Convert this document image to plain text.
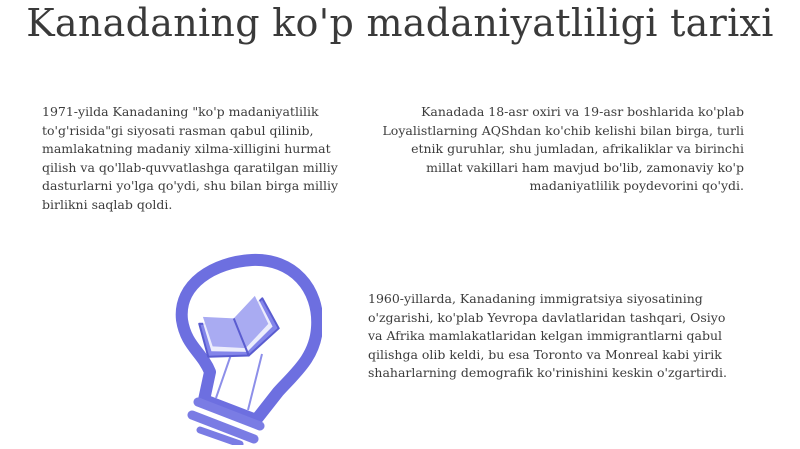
Kanadaning ko'p madaniyatliligi tarixi

1971-yilda Kanadaning "ko'p madaniyatlilik to'g'risida"gi siyosati rasman qabul qilinib, mamlakatning madaniy xilma-xilligini hurmat qilish va qo'llab-quvvatlashga qaratilgan milliy dasturlarni yo'lga qo'ydi, shu bilan birga milliy birlikni saqlab qoldi.

Kanadada 18-asr oxiri va 19-asr boshlarida ko'plab Loyalistlarning AQShdan ko'chib kelishi bilan birga, turli etnik guruhlar, shu jumladan, afrikaliklar va birinchi millat vakillari ham mavjud bo'lib, zamonaviy ko'p madaniyatlilik poydevorini qo'ydi.

1960-yillarda, Kanadaning immigratsiya siyosatining o'zgarishi, ko'plab Yevropa davlatlaridan tashqari, Osiyo va Afrika mamlakatlaridan kelgan immigrantlarni qabul qilishga olib keldi, bu esa Toronto va Monreal kabi yirik shaharlarning demografik ko'rinishini keskin o'zgartirdi.
